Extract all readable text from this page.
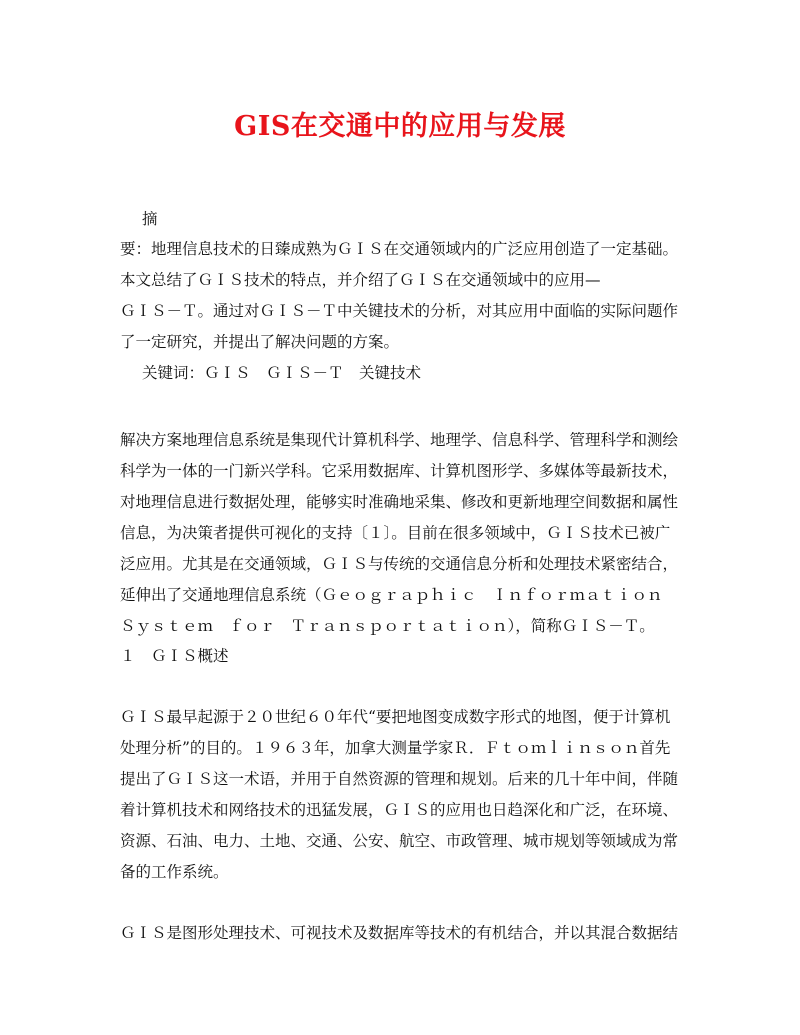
GIS在交通中的应用与发展
摘
要：地理信息技术的日臻成熟为ＧＩＳ在交通领域内的广泛应用创造了一定基础。
本文总结了ＧＩＳ技术的特点，并介绍了ＧＩＳ在交通领域中的应用—
ＧＩＳ－Ｔ。通过对ＧＩＳ－Ｔ中关键技术的分析，对其应用中面临的实际问题作
了一定研究，并提出了解决问题的方案。
关键词：ＧＩＳ　ＧＩＳ－Ｔ　关键技术
解决方案地理信息系统是集现代计算机科学、地理学、信息科学、管理科学和测绘
科学为一体的一门新兴学科。它采用数据库、计算机图形学、多媒体等最新技术，
对地理信息进行数据处理，能够实时准确地采集、修改和更新地理空间数据和属性
信息，为决策者提供可视化的支持〔１〕。目前在很多领域中，ＧＩＳ技术已被广
泛应用。尤其是在交通领域，ＧＩＳ与传统的交通信息分析和处理技术紧密结合，
延伸出了交通地理信息系统（Ｇｅｏｇｒａｐｈｉｃ　Ｉｎｆｏｒｍａｔｉｏｎ
Ｓｙｓｔｅｍ　ｆｏｒ　Ｔｒａｎｓｐｏｒｔａｔｉｏｎ），简称ＧＩＳ－Ｔ。
１　ＧＩＳ概述
ＧＩＳ最早起源于２０世纪６０年代“要把地图变成数字形式的地图，便于计算机
处理分析”的目的。１９６３年，加拿大测量学家Ｒ．Ｆｔｏｍｌｉｎｓｏｎ首先
提出了ＧＩＳ这一术语，并用于自然资源的管理和规划。后来的几十年中间，伴随
着计算机技术和网络技术的迅猛发展，ＧＩＳ的应用也日趋深化和广泛，在环境、
资源、石油、电力、土地、交通、公安、航空、市政管理、城市规划等领域成为常
备的工作系统。
ＧＩＳ是图形处理技术、可视技术及数据库等技术的有机结合，并以其混合数据结
